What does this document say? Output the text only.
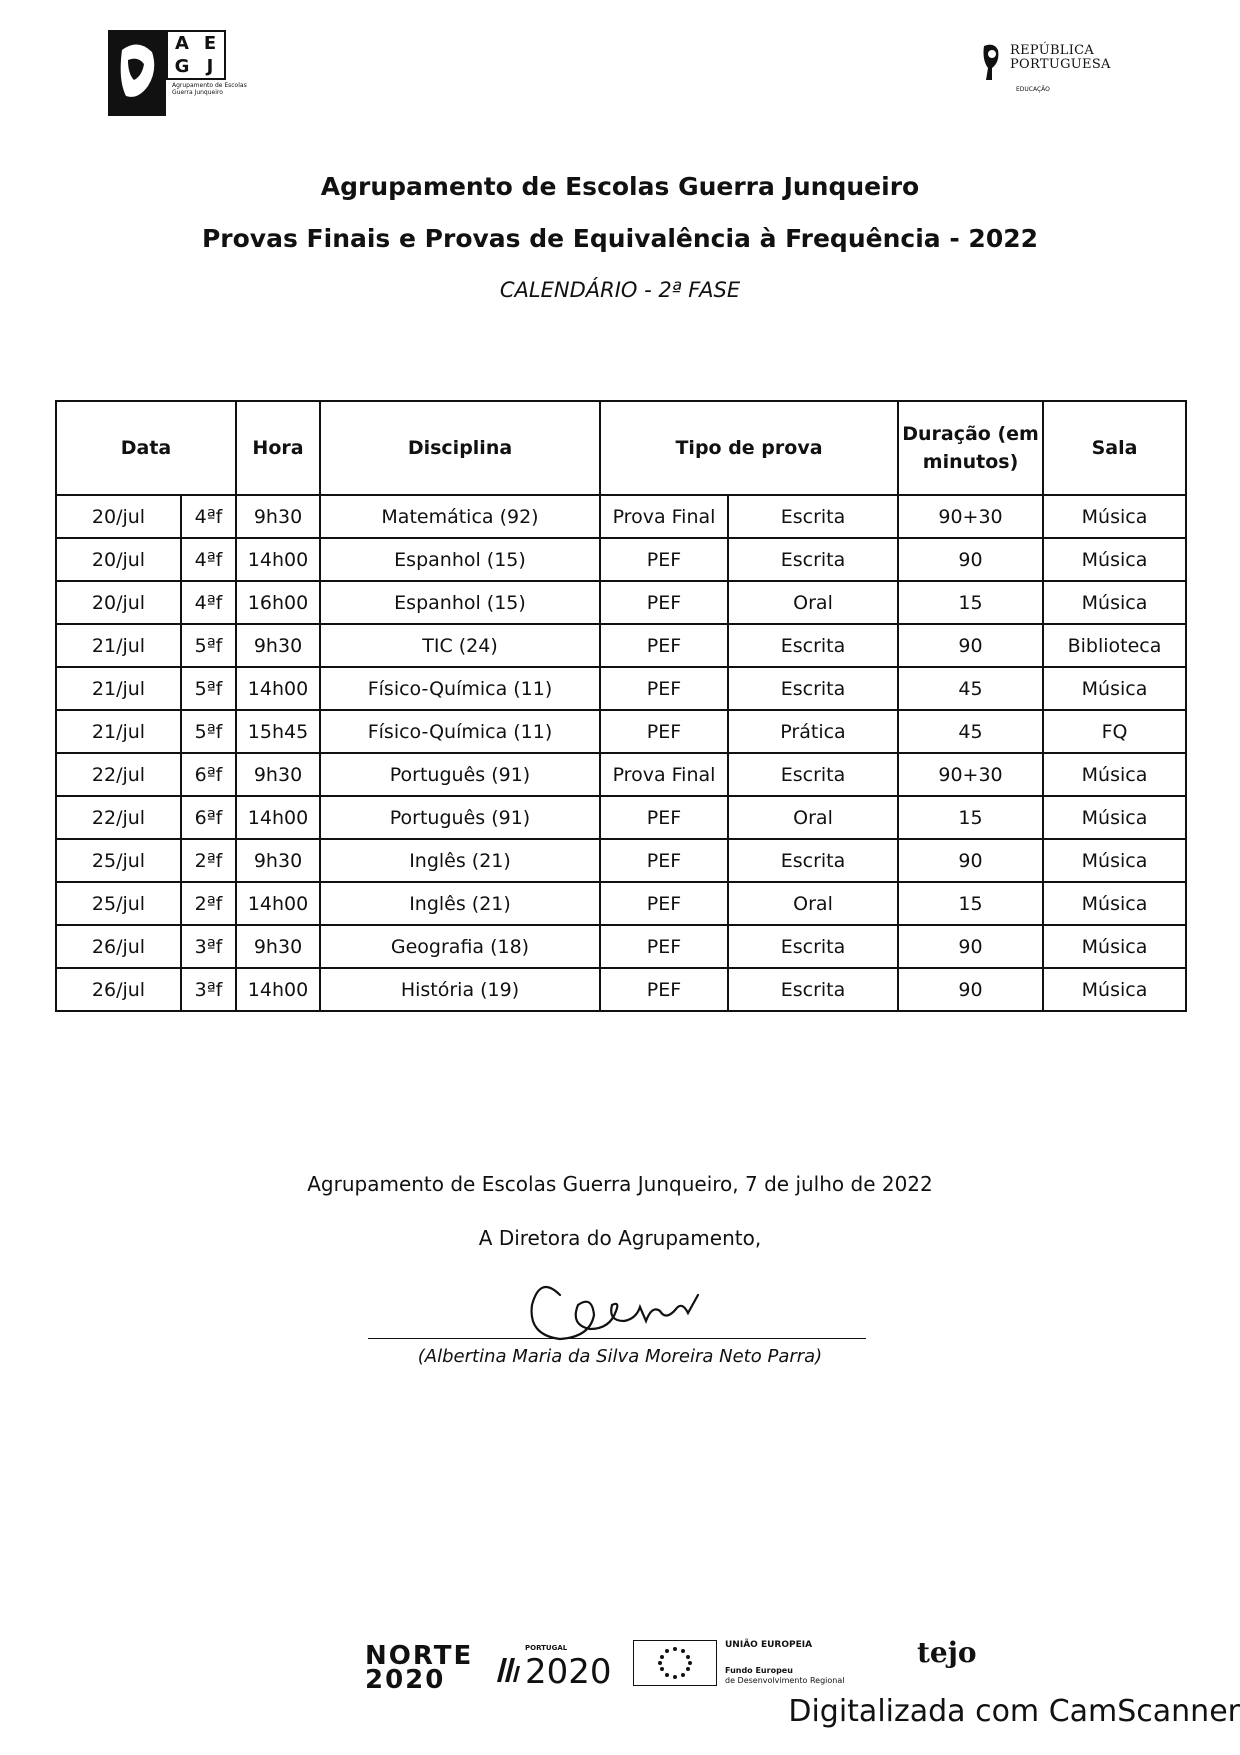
A E
G J
Agrupamento de Escolas
Guerra Junqueiro
REPÚBLICA
PORTUGUESA
EDUCAÇÃO
Agrupamento de Escolas Guerra Junqueiro
Provas Finais e Provas de Equivalência à Frequência - 2022
CALENDÁRIO - 2ª FASE
Data		Hora	Disciplina	Tipo de prova		Duração (em minutos)	Sala
20/jul	4ªf	9h30	Matemática (92)	Prova Final	Escrita	90+30	Música
20/jul	4ªf	14h00	Espanhol (15)	PEF	Escrita	90	Música
20/jul	4ªf	16h00	Espanhol (15)	PEF	Oral	15	Música
21/jul	5ªf	9h30	TIC (24)	PEF	Escrita	90	Biblioteca
21/jul	5ªf	14h00	Físico-Química (11)	PEF	Escrita	45	Música
21/jul	5ªf	15h45	Físico-Química (11)	PEF	Prática	45	FQ
22/jul	6ªf	9h30	Português (91)	Prova Final	Escrita	90+30	Música
22/jul	6ªf	14h00	Português (91)	PEF	Oral	15	Música
25/jul	2ªf	9h30	Inglês (21)	PEF	Escrita	90	Música
25/jul	2ªf	14h00	Inglês (21)	PEF	Oral	15	Música
26/jul	3ªf	9h30	Geografia (18)	PEF	Escrita	90	Música
26/jul	3ªf	14h00	História (19)	PEF	Escrita	90	Música
Agrupamento de Escolas Guerra Junqueiro, 7 de julho de 2022
A Diretora do Agrupamento,
(Albertina Maria da Silva Moreira Neto Parra)
NORTE
2020
PORTUGAL
2020
UNIÃO EUROPEIA
Fundo Europeu
de Desenvolvimento Regional
tejo
Digitalizada com CamScanner
